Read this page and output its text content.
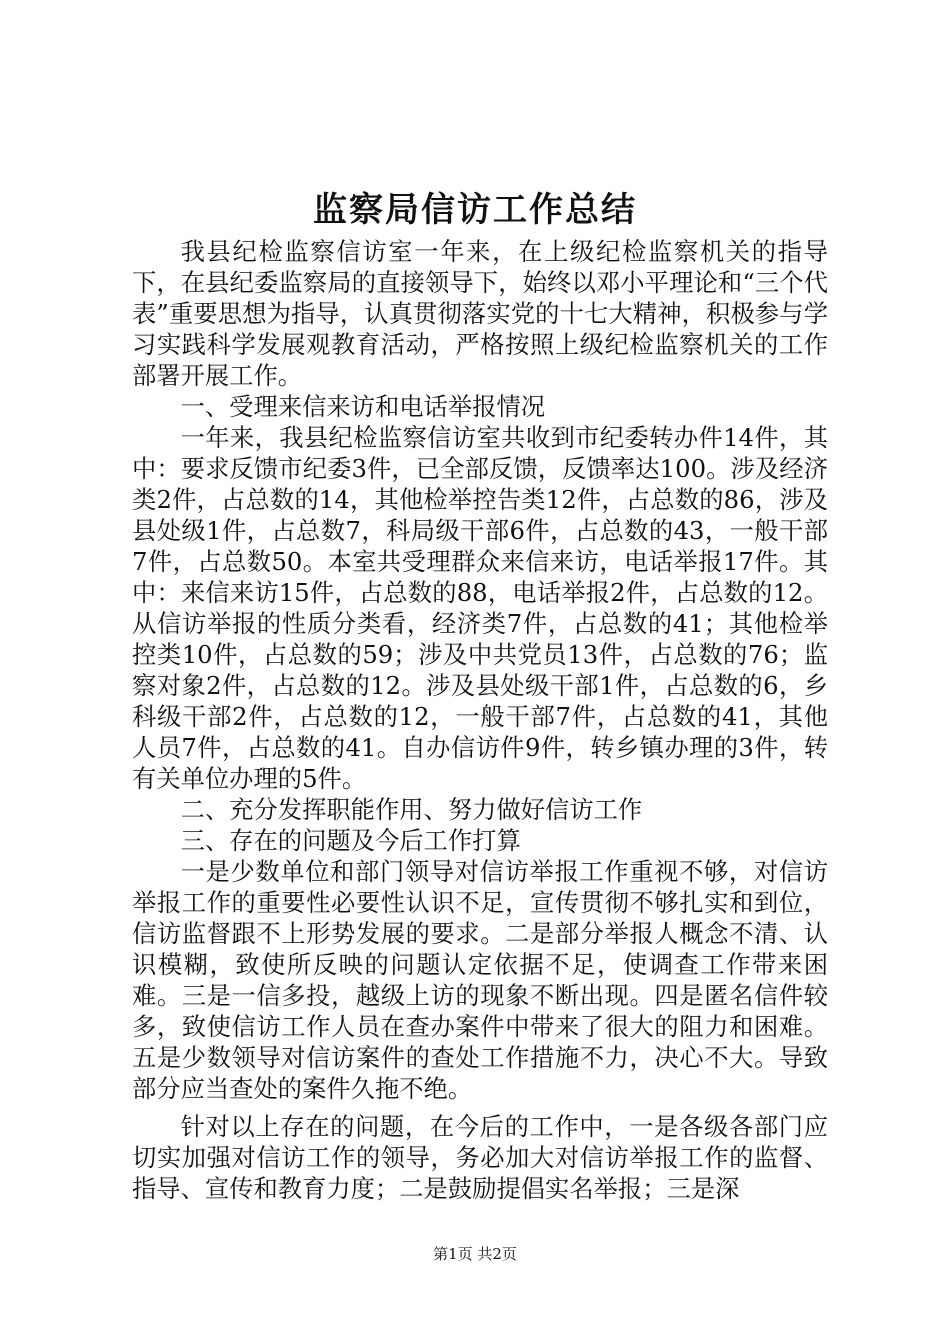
监察局信访工作总结

我县纪检监察信访室一年来，在上级纪检监察机关的指导下，在县纪委监察局的直接领导下，始终以邓小平理论和“三个代表”重要思想为指导，认真贯彻落实党的十七大精神，积极参与学习实践科学发展观教育活动，严格按照上级纪检监察机关的工作部署开展工作。

一、受理来信来访和电话举报情况

一年来，我县纪检监察信访室共收到市纪委转办件14件，其中：要求反馈市纪委3件，已全部反馈，反馈率达100。涉及经济类2件，占总数的14，其他检举控告类12件，占总数的86，涉及县处级1件，占总数7，科局级干部6件，占总数的43，一般干部7件，占总数50。本室共受理群众来信来访，电话举报17件。其中：来信来访15件，占总数的88，电话举报2件，占总数的12。从信访举报的性质分类看，经济类7件，占总数的41；其他检举控类10件，占总数的59；涉及中共党员13件，占总数的76；监察对象2件，占总数的12。涉及县处级干部1件，占总数的6，乡科级干部2件，占总数的12，一般干部7件，占总数的41，其他人员7件，占总数的41。自办信访件9件，转乡镇办理的3件，转有关单位办理的5件。

二、充分发挥职能作用、努力做好信访工作

三、存在的问题及今后工作打算

一是少数单位和部门领导对信访举报工作重视不够，对信访举报工作的重要性必要性认识不足，宣传贯彻不够扎实和到位，信访监督跟不上形势发展的要求。二是部分举报人概念不清、认识模糊，致使所反映的问题认定依据不足，使调查工作带来困难。三是一信多投，越级上访的现象不断出现。四是匿名信件较多，致使信访工作人员在查办案件中带来了很大的阻力和困难。五是少数领导对信访案件的查处工作措施不力，决心不大。导致部分应当查处的案件久拖不绝。

针对以上存在的问题，在今后的工作中，一是各级各部门应切实加强对信访工作的领导，务必加大对信访举报工作的监督、指导、宣传和教育力度；二是鼓励提倡实名举报；三是深

第1页 共2页
